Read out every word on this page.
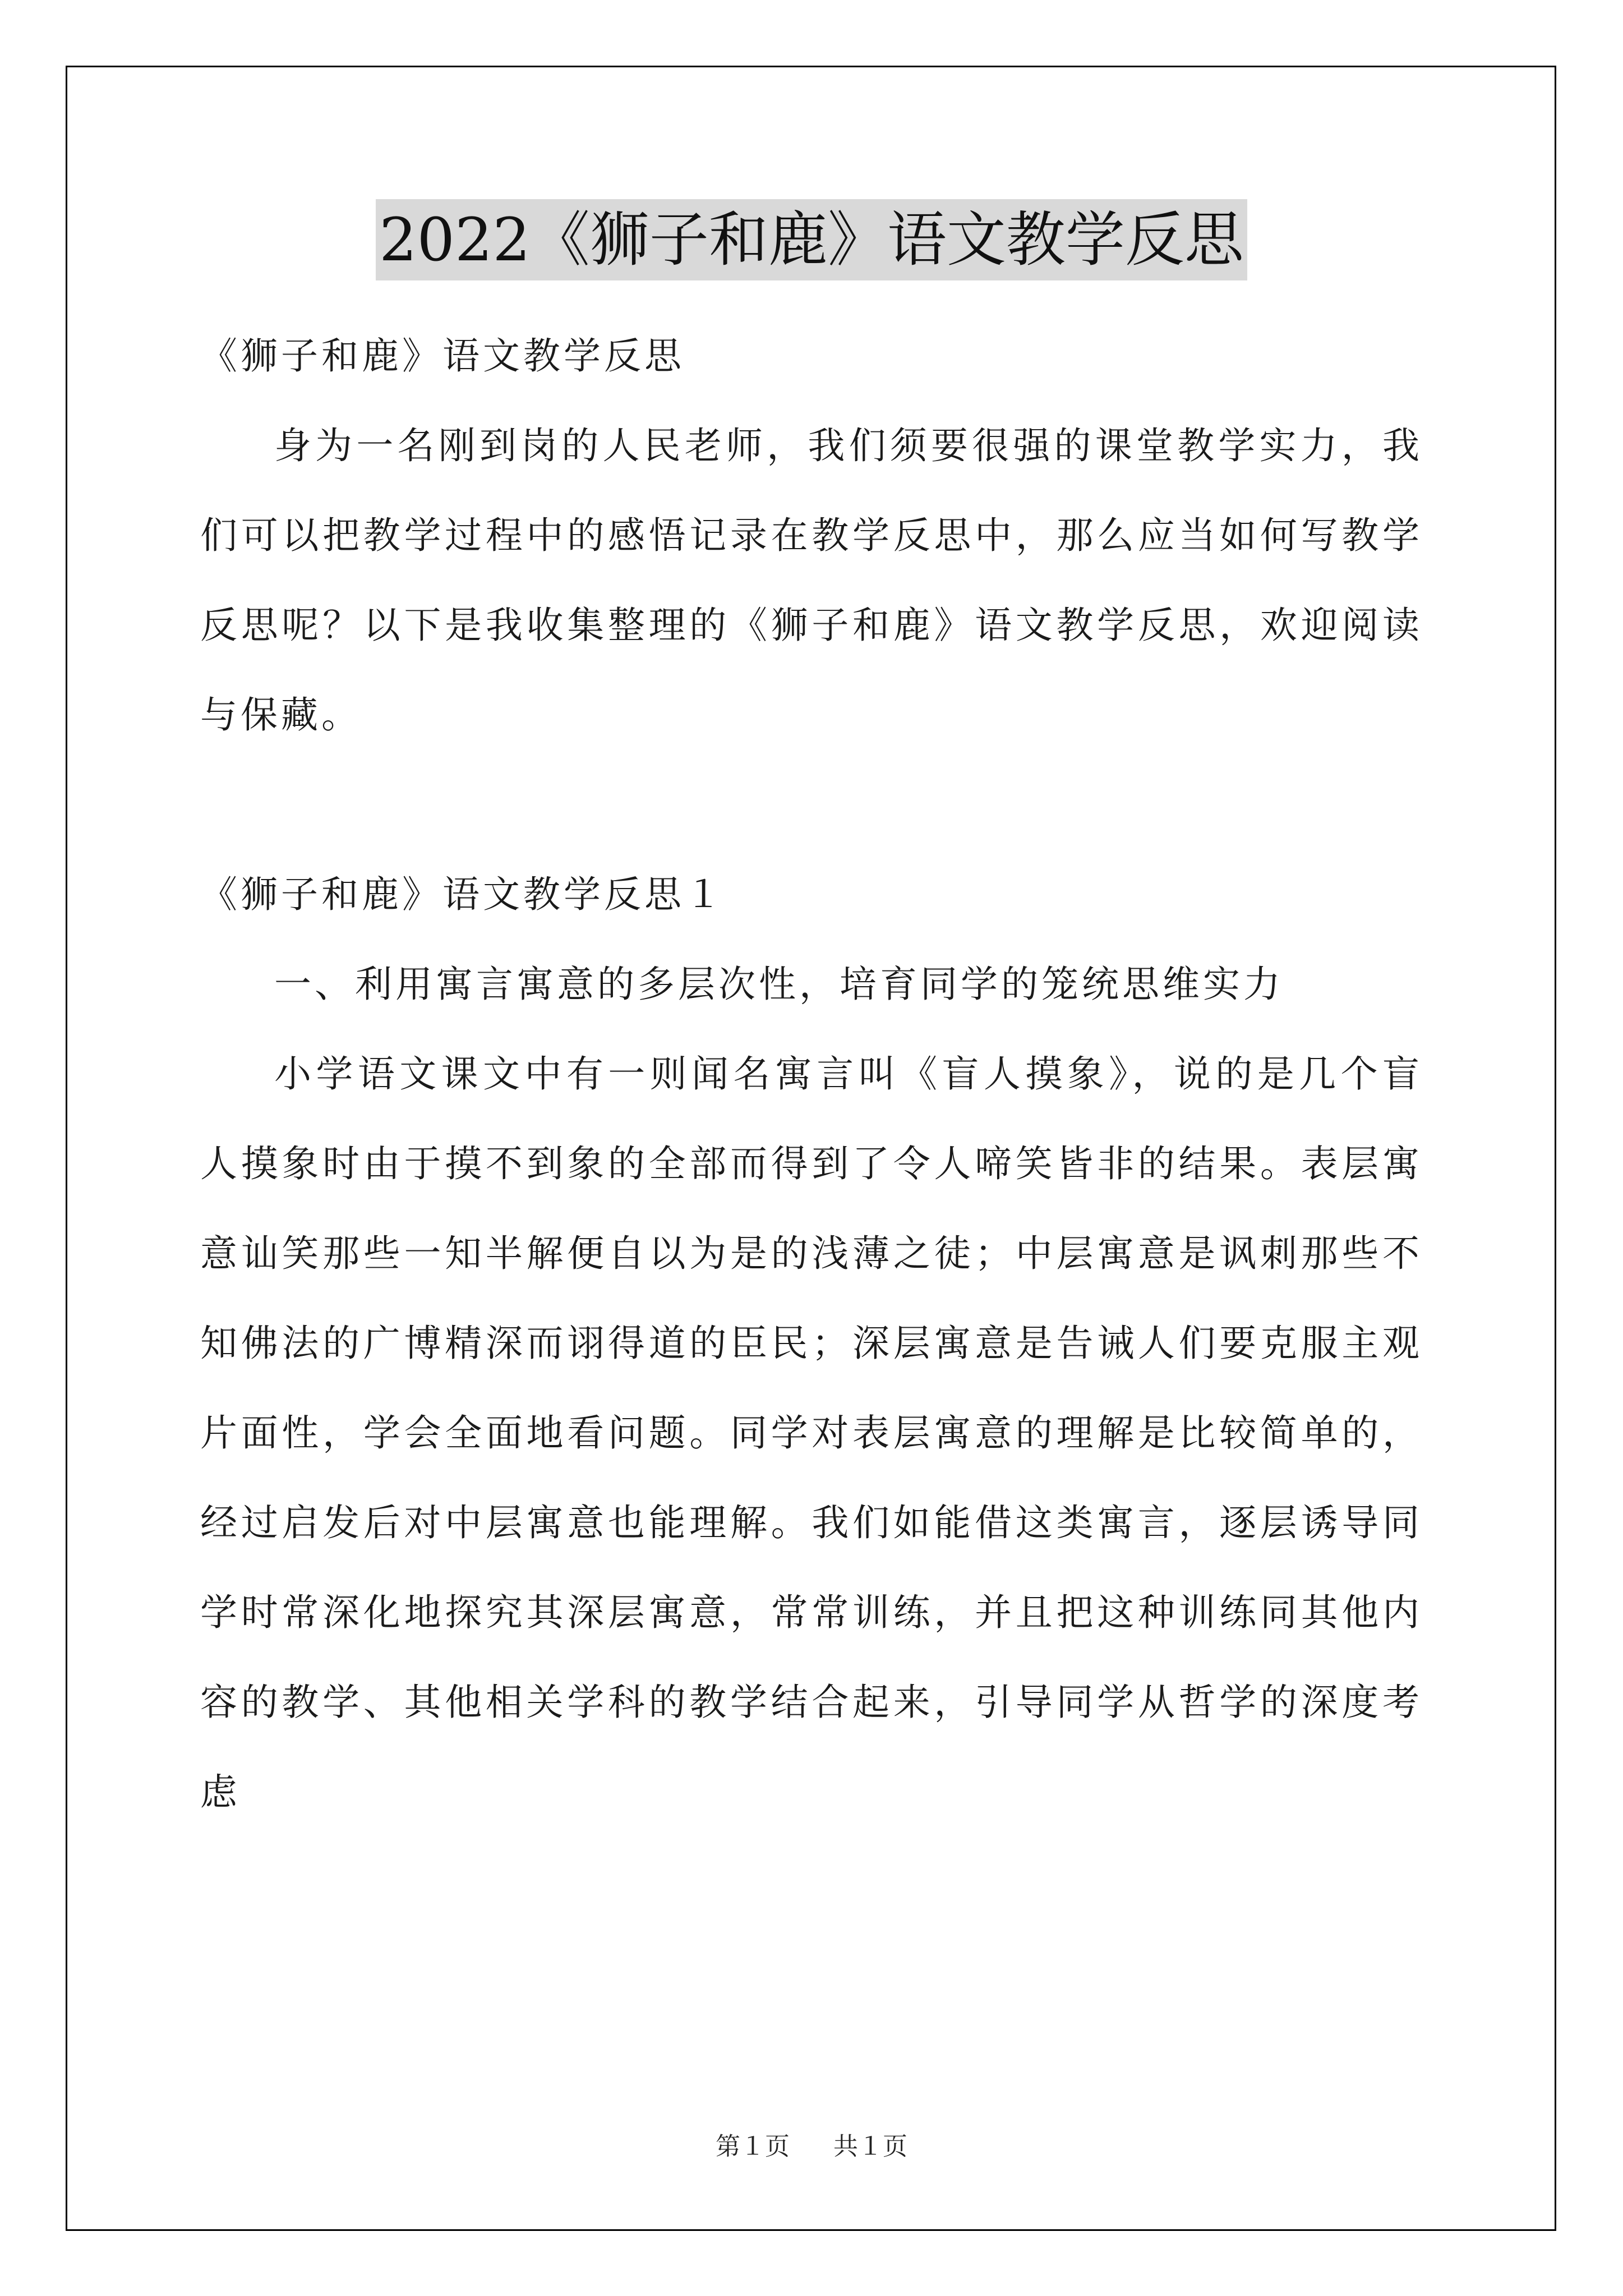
2022《狮子和鹿》语文教学反思

《狮子和鹿》语文教学反思

身为一名刚到岗的人民老师，我们须要很强的课堂教学实力，我们可以把教学过程中的感悟记录在教学反思中，那么应当如何写教学反思呢？以下是我收集整理的《狮子和鹿》语文教学反思，欢迎阅读与保藏。

《狮子和鹿》语文教学反思１

一、利用寓言寓意的多层次性，培育同学的笼统思维实力

小学语文课文中有一则闻名寓言叫《盲人摸象》，说的是几个盲人摸象时由于摸不到象的全部而得到了令人啼笑皆非的结果。表层寓意讪笑那些一知半解便自以为是的浅薄之徒；中层寓意是讽刺那些不知佛法的广博精深而诩得道的臣民；深层寓意是告诫人们要克服主观片面性，学会全面地看问题。同学对表层寓意的理解是比较简单的，经过启发后对中层寓意也能理解。我们如能借这类寓言，逐层诱导同学时常深化地探究其深层寓意，常常训练，并且把这种训练同其他内容的教学、其他相关学科的教学结合起来，引导同学从哲学的深度考虑

第１页 共１页
